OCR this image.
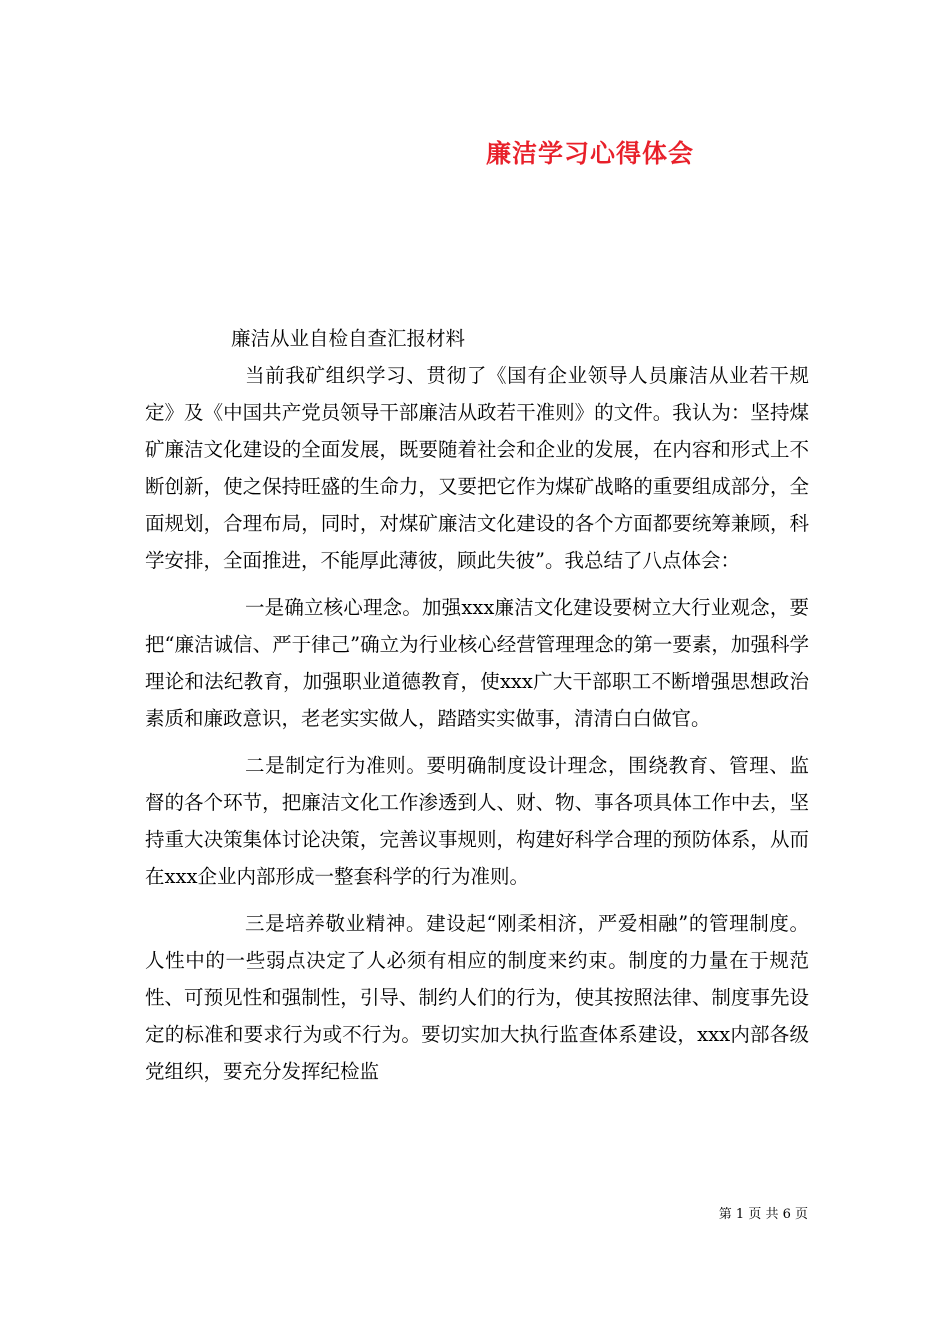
廉洁学习心得体会
廉洁从业自检自查汇报材料

当前我矿组织学习、贯彻了《国有企业领导人员廉洁从业若干规定》及《中国共产党员领导干部廉洁从政若干准则》的文件。我认为：坚持煤矿廉洁文化建设的全面发展，既要随着社会和企业的发展，在内容和形式上不断创新，使之保持旺盛的生命力，又要把它作为煤矿战略的重要组成部分，全面规划，合理布局，同时，对煤矿廉洁文化建设的各个方面都要统筹兼顾，科学安排，全面推进，不能厚此薄彼，顾此失彼”。我总结了八点体会：

一是确立核心理念。加强xxx廉洁文化建设要树立大行业观念，要把“廉洁诚信、严于律己”确立为行业核心经营管理理念的第一要素，加强科学理论和法纪教育，加强职业道德教育，使xxx广大干部职工不断增强思想政治素质和廉政意识，老老实实做人，踏踏实实做事，清清白白做官。

二是制定行为准则。要明确制度设计理念，围绕教育、管理、监督的各个环节，把廉洁文化工作渗透到人、财、物、事各项具体工作中去，坚持重大决策集体讨论决策，完善议事规则，构建好科学合理的预防体系，从而在xxx企业内部形成一整套科学的行为准则。

三是培养敬业精神。建设起“刚柔相济，严爱相融”的管理制度。人性中的一些弱点决定了人必须有相应的制度来约束。制度的力量在于规范性、可预见性和强制性，引导、制约人们的行为，使其按照法律、制度事先设定的标准和要求行为或不行为。要切实加大执行监查体系建设，xxx内部各级党组织，要充分发挥纪检监

第 1 页 共 6 页
